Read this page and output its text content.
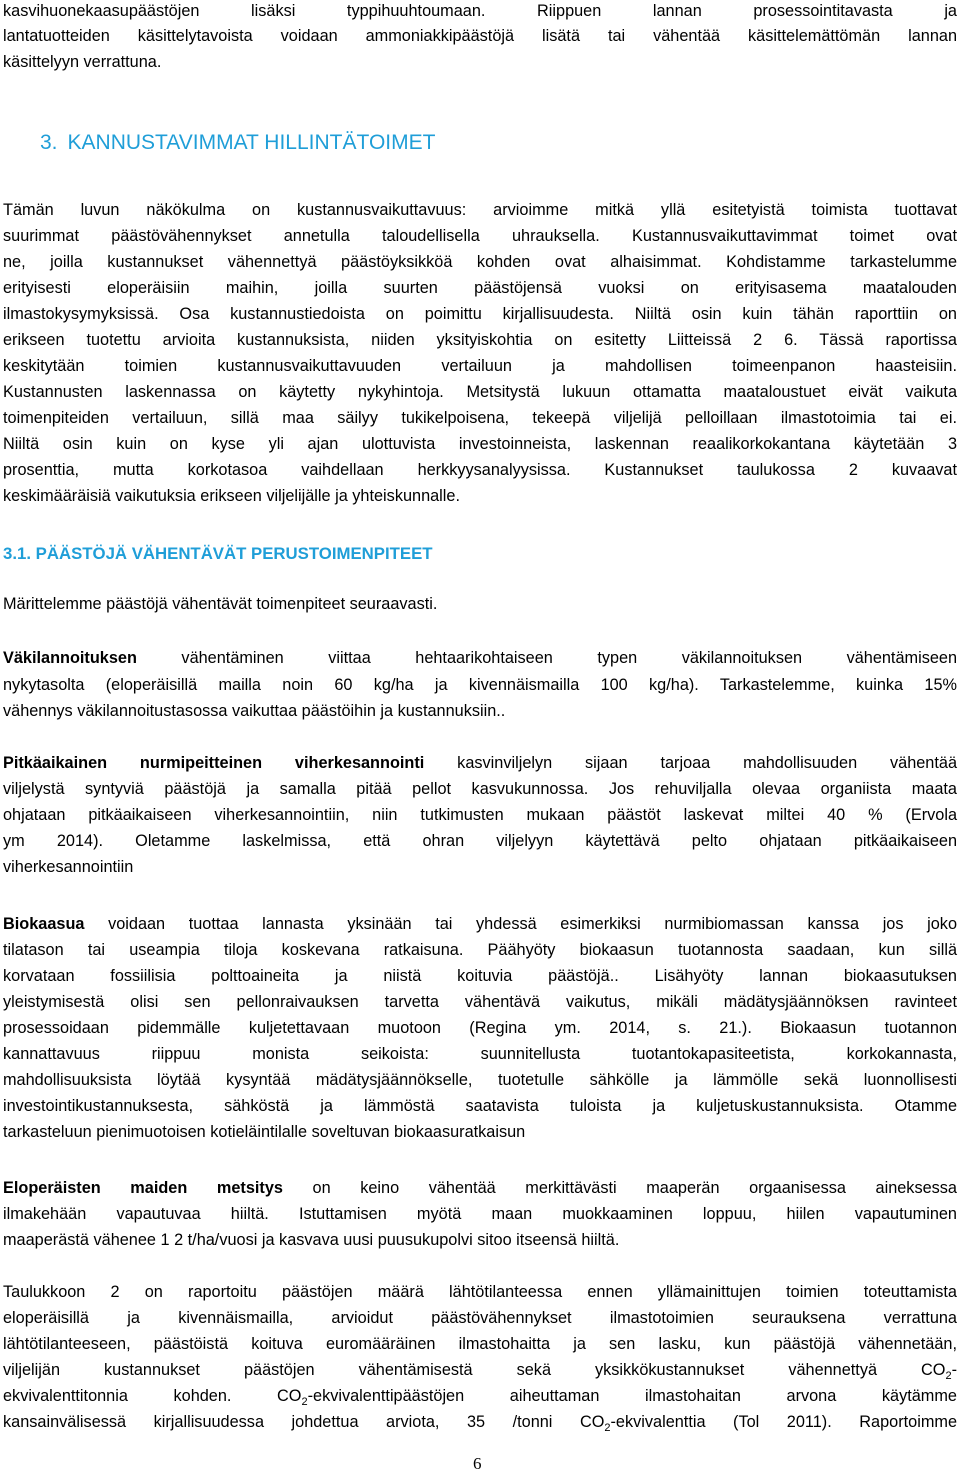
kasvihuonekaasupäästöjen lisäksi typpihuuhtoumaan. Riippuen lannan prosessointitavasta ja
lantatuotteiden käsittelytavoista voidaan ammoniakkipäästöjä lisätä tai vähentää käsittelemättömän lannan
käsittelyyn verrattuna.
3. KANNUSTAVIMMAT HILLINTÄTOIMET
Tämän luvun näkökulma on kustannusvaikuttavuus: arvioimme mitkä yllä esitetyistä toimista tuottavat
suurimmat päästövähennykset annetulla taloudellisella uhrauksella. Kustannusvaikuttavimmat toimet ovat
ne, joilla kustannukset vähennettyä päästöyksikköä kohden ovat alhaisimmat. Kohdistamme tarkastelumme
erityisesti eloperäisiin maihin, joilla suurten päästöjensä vuoksi on erityisasema maatalouden
ilmastokysymyksissä. Osa kustannustiedoista on poimittu kirjallisuudesta. Niiltä osin kuin tähän raporttiin on
erikseen tuotettu arvioita kustannuksista, niiden yksityiskohtia on esitetty Liitteissä 2 6. Tässä raportissa
keskitytään toimien kustannusvaikuttavuuden vertailuun ja mahdollisen toimeenpanon haasteisiin.
Kustannusten laskennassa on käytetty nykyhintoja. Metsitystä lukuun ottamatta maataloustuet eivät vaikuta
toimenpiteiden vertailuun, sillä maa säilyy tukikelpoisena, tekeepä viljelijä pelloillaan ilmastotoimia tai ei.
Niiltä osin kuin on kyse yli ajan ulottuvista investoinneista, laskennan reaalikorkokantana käytetään 3
prosenttia, mutta korkotasoa vaihdellaan herkkyysanalyysissa. Kustannukset taulukossa 2 kuvaavat
keskimääräisiä vaikutuksia erikseen viljelijälle ja yhteiskunnalle.
3.1. PÄÄSTÖJÄ VÄHENTÄVÄT PERUSTOIMENPITEET
Märittelemme päästöjä vähentävät toimenpiteet seuraavasti.
Väkilannoituksen vähentäminen viittaa hehtaarikohtaiseen typen väkilannoituksen vähentämiseen
nykytasolta (eloperäisillä mailla noin 60 kg/ha ja kivennäismailla 100 kg/ha). Tarkastelemme, kuinka 15%
vähennys väkilannoitustasossa vaikuttaa päästöihin ja kustannuksiin..
Pitkäaikainen nurmipeitteinen viherkesannointi kasvinviljelyn sijaan tarjoaa mahdollisuuden vähentää
viljelystä syntyviä päästöjä ja samalla pitää pellot kasvukunnossa. Jos rehuviljalla olevaa organiista maata
ohjataan pitkäaikaiseen viherkesannointiin, niin tutkimusten mukaan päästöt laskevat miltei 40 % (Ervola
ym 2014). Oletamme laskelmissa, että ohran viljelyyn käytettävä pelto ohjataan pitkäaikaiseen
viherkesannointiin
Biokaasua voidaan tuottaa lannasta yksinään tai yhdessä esimerkiksi nurmibiomassan kanssa jos joko
tilatason tai useampia tiloja koskevana ratkaisuna. Päähyöty biokaasun tuotannosta saadaan, kun sillä
korvataan fossiilisia polttoaineita ja niistä koituvia päästöjä.. Lisähyöty lannan biokaasutuksen
yleistymisestä olisi sen pellonraivauksen tarvetta vähentävä vaikutus, mikäli mädätysjäännöksen ravinteet
prosessoidaan pidemmälle kuljetettavaan muotoon (Regina ym. 2014, s. 21.). Biokaasun tuotannon
kannattavuus riippuu monista seikoista: suunnitellusta tuotantokapasiteetista, korkokannasta,
mahdollisuuksista löytää kysyntää mädätysjäännökselle, tuotetulle sähkölle ja lämmölle sekä luonnollisesti
investointikustannuksesta, sähköstä ja lämmöstä saatavista tuloista ja kuljetuskustannuksista. Otamme
tarkasteluun pienimuotoisen kotieläintilalle soveltuvan biokaasuratkaisun
Eloperäisten maiden metsitys on keino vähentää merkittävästi maaperän orgaanisessa aineksessa
ilmakehään vapautuvaa hiiltä. Istuttamisen myötä maan muokkaaminen loppuu, hiilen vapautuminen
maaperästä vähenee 1 2 t/ha/vuosi ja kasvava uusi puusukupolvi sitoo itseensä hiiltä.
Taulukkoon 2 on raportoitu päästöjen määrä lähtötilanteessa ennen yllämainittujen toimien toteuttamista
eloperäisillä ja kivennäismailla, arvioidut päästövähennykset ilmastotoimien seurauksena verrattuna
lähtötilanteeseen, päästöistä koituva euromääräinen ilmastohaitta ja sen lasku, kun päästöjä vähennetään,
viljelijän kustannukset päästöjen vähentämisestä sekä yksikkökustannukset vähennettyä $CO_2-$
ekvivalenttitonnia kohden. $CO_2$-ekvivalenttipäästöjen aiheuttaman ilmastohaitan arvona käytämme
kansainvälisessä kirjallisuudessa johdettua arviota, 35 /tonni $CO_2$-ekvivalenttia (Tol 2011). Raportoimme
6
